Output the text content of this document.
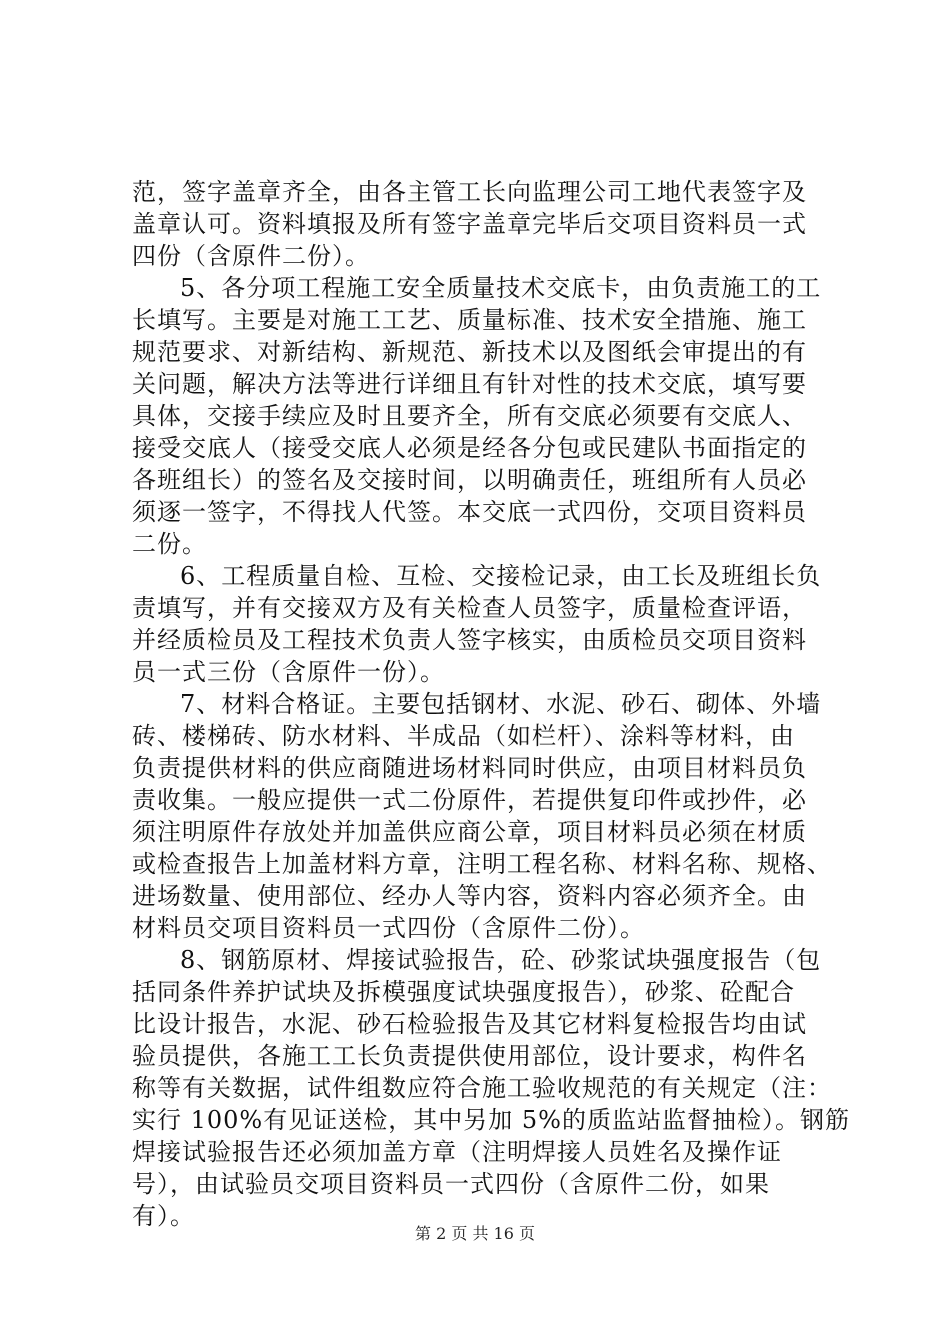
范，签字盖章齐全，由各主管工长向监理公司工地代表签字及
盖章认可。资料填报及所有签字盖章完毕后交项目资料员一式
四份（含原件二份）。
5、各分项工程施工安全质量技术交底卡，由负责施工的工
长填写。主要是对施工工艺、质量标准、技术安全措施、施工
规范要求、对新结构、新规范、新技术以及图纸会审提出的有
关问题，解决方法等进行详细且有针对性的技术交底，填写要
具体，交接手续应及时且要齐全，所有交底必须要有交底人、
接受交底人（接受交底人必须是经各分包或民建队书面指定的
各班组长）的签名及交接时间，以明确责任，班组所有人员必
须逐一签字，不得找人代签。本交底一式四份，交项目资料员
二份。
6、工程质量自检、互检、交接检记录，由工长及班组长负
责填写，并有交接双方及有关检查人员签字，质量检查评语，
并经质检员及工程技术负责人签字核实，由质检员交项目资料
员一式三份（含原件一份）。
7、材料合格证。主要包括钢材、水泥、砂石、砌体、外墙
砖、楼梯砖、防水材料、半成品（如栏杆）、涂料等材料，由
负责提供材料的供应商随进场材料同时供应，由项目材料员负
责收集。一般应提供一式二份原件，若提供复印件或抄件，必
须注明原件存放处并加盖供应商公章，项目材料员必须在材质
或检查报告上加盖材料方章，注明工程名称、材料名称、规格、
进场数量、使用部位、经办人等内容，资料内容必须齐全。由
材料员交项目资料员一式四份（含原件二份）。
8、钢筋原材、焊接试验报告，砼、砂浆试块强度报告（包
括同条件养护试块及拆模强度试块强度报告），砂浆、砼配合
比设计报告，水泥、砂石检验报告及其它材料复检报告均由试
验员提供，各施工工长负责提供使用部位，设计要求，构件名
称等有关数据，试件组数应符合施工验收规范的有关规定（注：
实行 100%有见证送检，其中另加 5%的质监站监督抽检）。钢筋
焊接试验报告还必须加盖方章（注明焊接人员姓名及操作证
号），由试验员交项目资料员一式四份（含原件二份，如果
有）。
第 2 页 共 16 页
